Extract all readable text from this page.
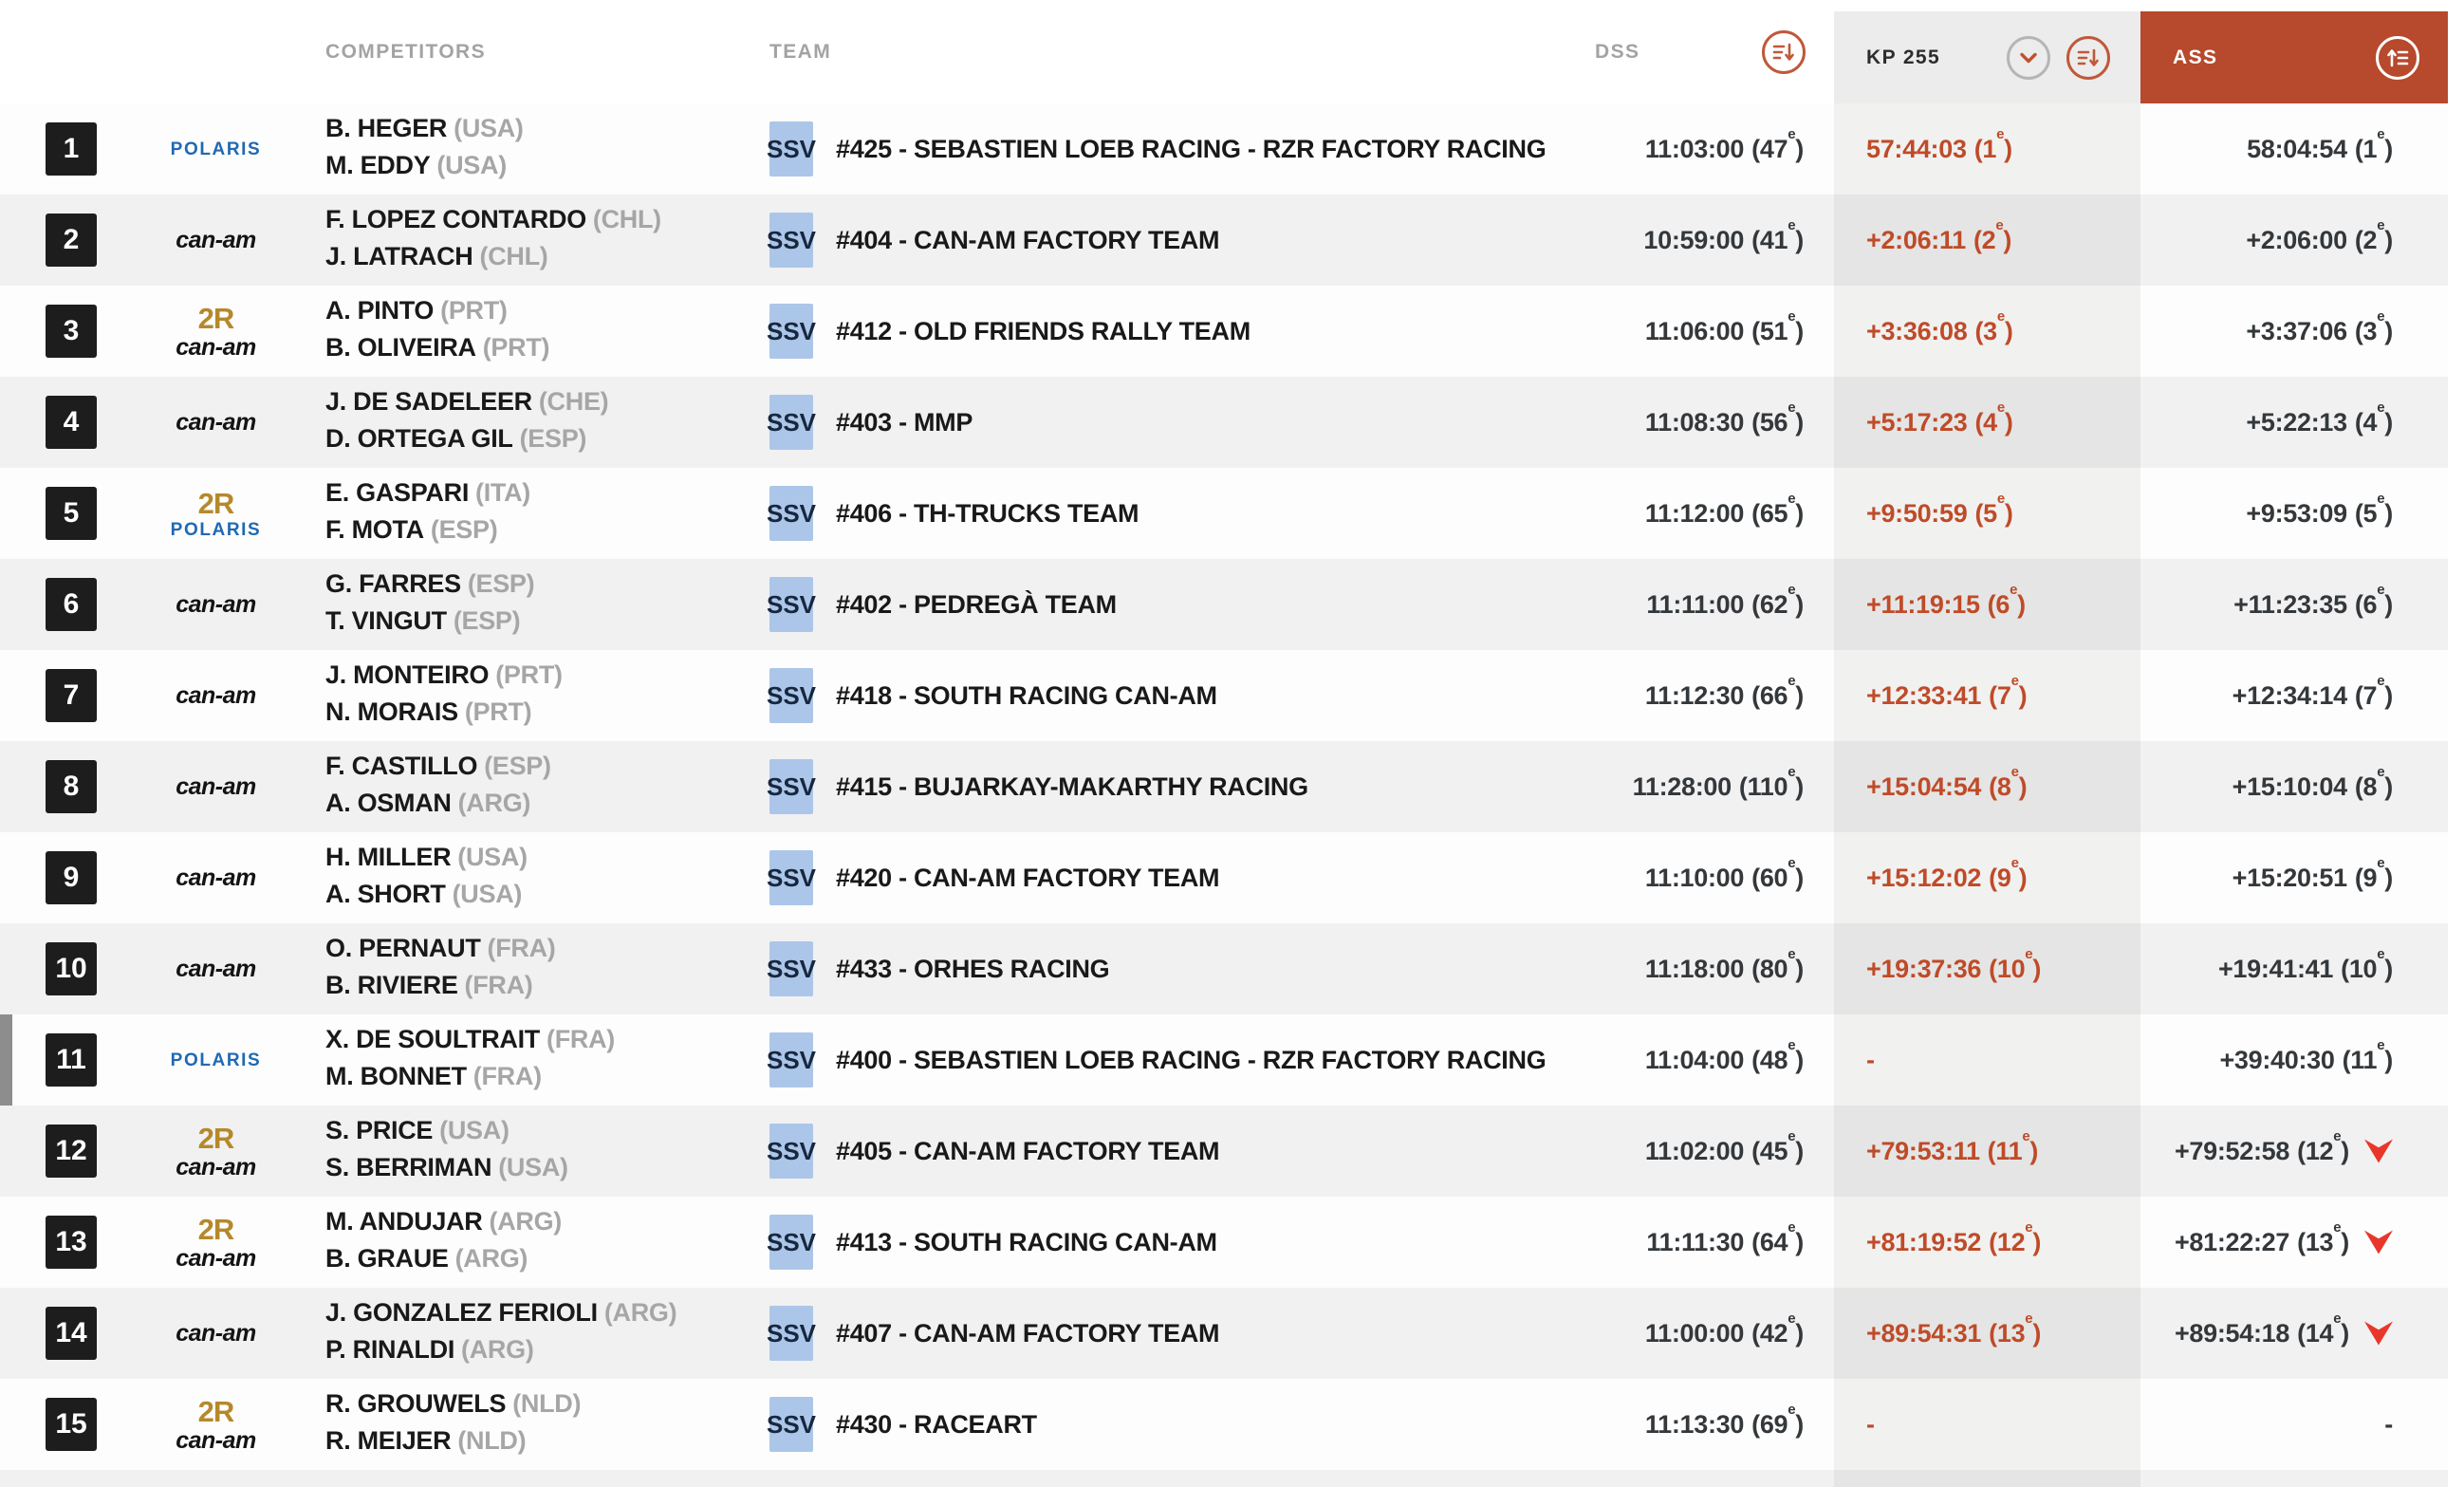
COMPETITORS	TEAM	DSS	KP 255	ASS
1	POLARIS
B. HEGER (USA)
M. EDDY (USA)
SSV #425 - SEBASTIEN LOEB RACING - RZR FACTORY RACING	11:03:00 (47e) 57:44:03 (1e)	58:04:54 (1e)
2	can-am
F. LOPEZ CONTARDO (CHL)
J. LATRACH (CHL)
SSV #404 - CAN-AM FACTORY TEAM	10:59:00 $(41^e)$ +2:06:11 $(2^e)$	+2:06:00 (2e)
3	2R
can-am
A. PINTO (PRT)
B. OLIVEIRA (PRT)
SSV #412 - OLD FRIENDS RALLY TEAM	11:06:00 $(51^e)$ +3:36:08 $(3^e)$	+3:37:06 (3e)
4	can-am
J. DE SADELEER (CHE)
D. ORTEGA GIL (ESP)
SSV #403 - MMP	11:08:30 $(56^e)$ +5:17:23 $(4^e)$	+5:22:13 (4e)
5	2R
POLARIS
E. GASPARI (ITA)
F. MOTA (ESP)
SSV #406 - TH-TRUCKS TEAM	11:12:00 $(65^e)$ +9:50:59 $(5^e)$	+9:53:09 (5e)
6	can-am
G. FARRES (ESP)
T. VINGUT (ESP)
SSV #402 - PEDREGÀ TEAM	11:11:00 $(62^e)$ +11:19:15 $(6^e)$	+11:23:35 (6e)
7	can-am
J. MONTEIRO (PRT)
N. MORAIS (PRT)
SSV #418 - SOUTH RACING CAN-AM	11:12:30 $(66^e)$ +12:33:41 $(7^e)$	+12:34:14 (7e)
8	can-am
F. CASTILLO (ESP)
A. OSMAN (ARG)
SSV #415 - BUJARKAY-MAKARTHY RACING	11:28:00 $(110^e)$ +15:04:54 $(8^e)$	+15:10:04 (8e)
9	can-am
H. MILLER (USA)
A. SHORT (USA)
SSV #420 - CAN-AM FACTORY TEAM	11:10:00 $(60^e)$ +15:12:02 $(9^e)$	+15:20:51 (9e)
10	can-am
O. PERNAUT (FRA)
B. RIVIERE (FRA)
SSV #433 - ORHES RACING	11:18:00 $(80^e)$ +19:37:36 $(10^e)$	+19:41:41 (10e)
11	POLARIS
X. DE SOULTRAIT (FRA)
M. BONNET (FRA)
SSV #400 - SEBASTIEN LOEB RACING - RZR FACTORY RACING	11:04:00 (48e) -	+39:40:30 (11e)
12	2R
can-am
S. PRICE (USA)
S. BERRIMAN (USA)
SSV #405 - CAN-AM FACTORY TEAM	11:02:00 $(45^e)$ +79:53:11 $(11^e)$	+79:52:58 (12e)
13	2R
can-am
M. ANDUJAR (ARG)
B. GRAUE (ARG)
SSV #413 - SOUTH RACING CAN-AM	11:11:30 $(64^e)$ +81:19:52 $(12^e)$	+81:22:27 (13e)
14	can-am
J. GONZALEZ FERIOLI (ARG)
P. RINALDI (ARG)
SSV #407 - CAN-AM FACTORY TEAM	11:00:00 $(42^e)$ +89:54:31 $(13^e)$	+89:54:18 (14e)
15	2R
can-am
R. GROUWELS (NLD)
R. MEIJER (NLD)
SSV #430 - RACEART	11:13:30 (69e) -	-
